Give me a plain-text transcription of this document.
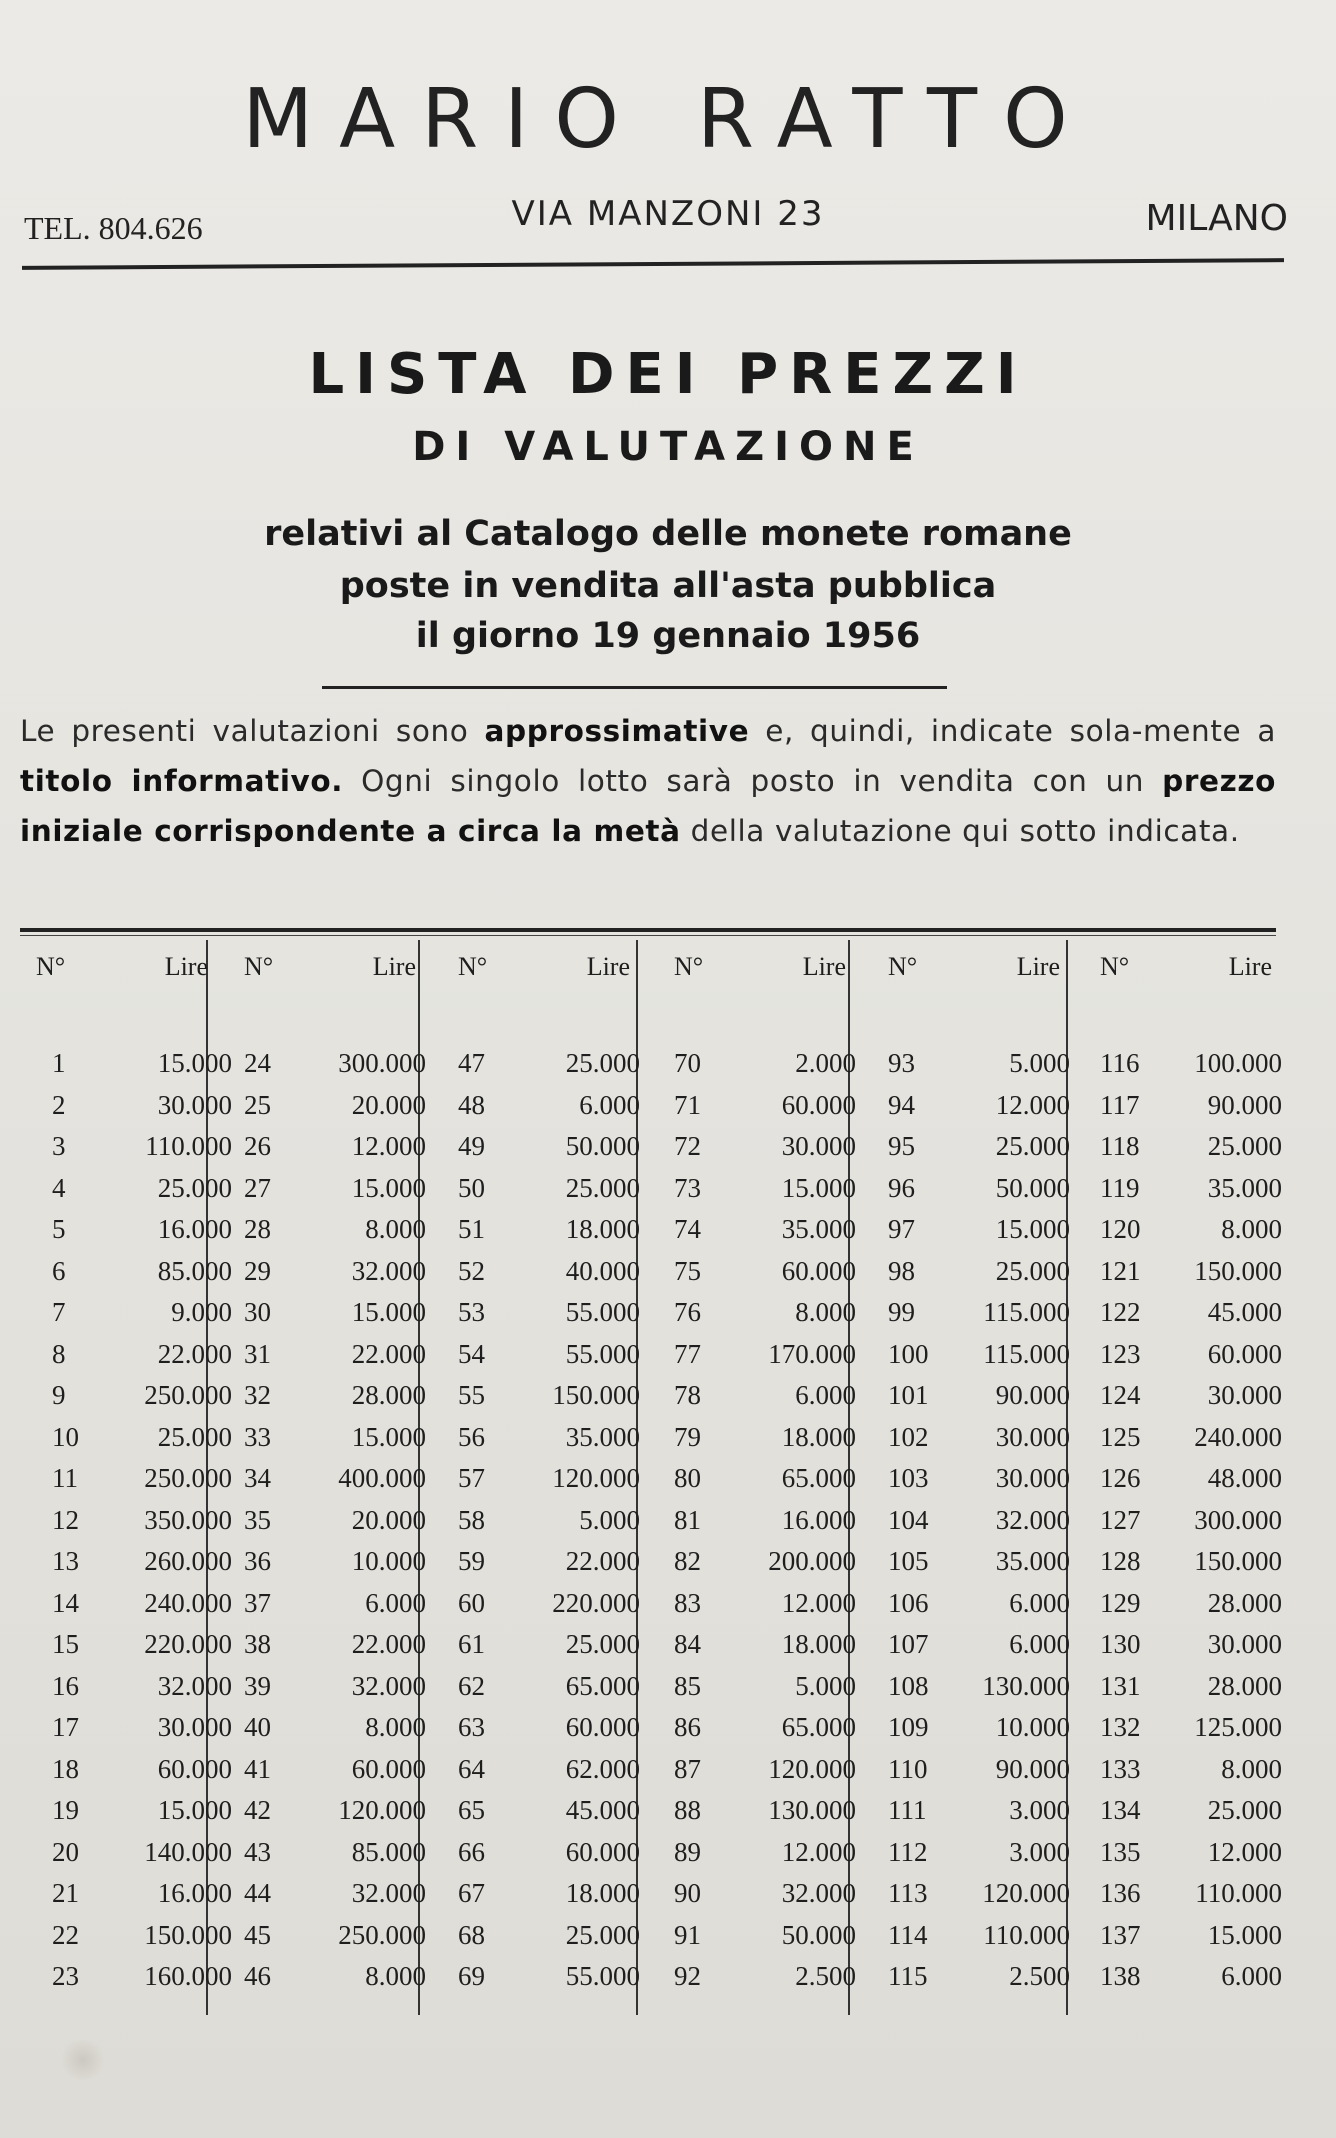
MARIO RATTO
TEL. 804.626	VIA MANZONI 23	MILANO
LISTA DEI PREZZI
DI VALUTAZIONE
relativi al Catalogo delle monete romane
poste in vendita all'asta pubblica
il giorno 19 gennaio 1956
Le presenti valutazioni sono approssimative e, quindi, indicate sola-mente a titolo informativo. Ogni singolo lotto sarà posto in vendita con un prezzo iniziale corrispondente a circa la metà della valutazione qui sotto indicata.
N°	Lire
1	15.000
2	30.000
3	110.000
4	25.000
5	16.000
6	85.000
7	9.000
8	22.000
9	250.000
10	25.000
11 250.000
12 350.000
13 260.000
14 240.000
15 220.000
16	32.000
17	30.000
18	60.000
19	15.000
20 140.000
21	16.000
22 150.000
23 160.000
N°	Lire
24 300.000
25	20.000
26	12.000
27	15.000
28	8.000
29	32.000
30	15.000
31	22.000
32	28.000
33	15.000
34 400.000
35	20.000
36	10.000
37	6.000
38	22.000
39	32.000
40	8.000
41	60.000
42 120.000
43	85.000
44	32.000
45 250.000
46	8.000
N°	Lire
47	25.000
48	6.000
49	50.000
50	25.000
51	18.000
52	40.000
53	55.000
54	55.000
55 150.000
56	35.000
57 120.000
58	5.000
59	22.000
60 220.000
61	25.000
62	65.000
63	60.000
64	62.000
65	45.000
66	60.000
67	18.000
68	25.000
69	55.000
N°	Lire
70	2.000
71	60.000
72	30.000
73	15.000
74	35.000
75	60.000
76	8.000
77 170.000
78	6.000
79	18.000
80	65.000
81	16.000
82 200.000
83	12.000
84	18.000
85	5.000
86	65.000
87 120.000
88 130.000
89	12.000
90	32.000
91	50.000
92	2.500
N°	Lire
93	5.000
94	12.000
95	25.000
96	50.000
97	15.000
98	25.000
99	115.000
100 115.000
101 90.000
102 30.000
103 30.000
104 32.000
105 35.000
106	6.000
107	6.000
108 130.000
109 10.000
110	90.000
111	3.000
112	3.000
113 120.000
114 110.000
115	2.500
N°	Lire
116 100.000
117	90.000
118	25.000
119	35.000
120	8.000
121 150.000
122 45.000
123 60.000
124 30.000
125 240.000
126 48.000
127 300.000
128 150.000
129 28.000
130 30.000
131 28.000
132 125.000
133	8.000
134 25.000
135 12.000
136 110.000
137 15.000
138	6.000
